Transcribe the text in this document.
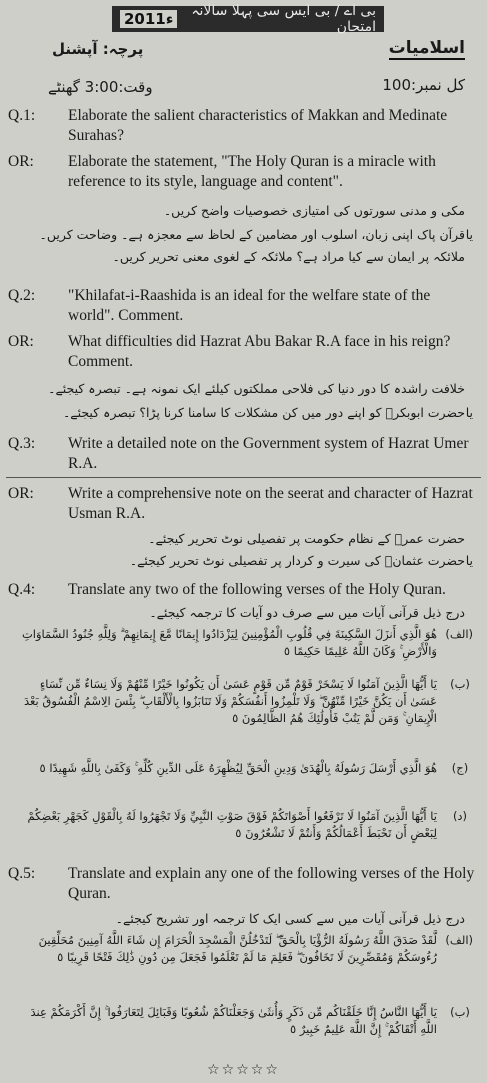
بی اے / بی ایس سی پہلا سالانہ امتحان
2011ء
اسلامیات
پرچہ: آپشنل
کل نمبر:100
وقت:3:00 گھنٹے
Q.1:	Elaborate the salient characteristics of Makkan and Medinate Surahas?
OR:	Elaborate the statement, "The Holy Quran is a miracle with reference to its style, language and content".
مکی و مدنی سورتوں کی امتیازی خصوصیات واضح کریں۔
یا
قرآن پاک اپنی زبان، اسلوب اور مضامین کے لحاظ سے معجزہ ہے۔ وضاحت کریں۔
ملائکہ پر ایمان سے کیا مراد ہے؟ ملائکہ کے لغوی معنی تحریر کریں۔
Q.2:	"Khilafat-i-Raashida is an ideal for the welfare state of the world". Comment.
OR:	What difficulties did Hazrat Abu Bakar R.A face in his reign? Comment.
خلافت راشدہ کا دور دنیا کی فلاحی مملکتوں کیلئے ایک نمونہ ہے۔ تبصرہ کیجئے۔
یا
حضرت ابوبکرؓ کو اپنے دور میں کن مشکلات کا سامنا کرنا پڑا؟ تبصرہ کیجئے۔
Q.3:	Write a detailed note on the Government system of Hazrat Umer R.A.
OR:	Write a comprehensive note on the seerat and character of Hazrat Usman R.A.
حضرت عمرؓ کے نظام حکومت پر تفصیلی نوٹ تحریر کیجئے۔
یا
حضرت عثمانؓ کی سیرت و کردار پر تفصیلی نوٹ تحریر کیجئے۔
Q.4:	Translate any two of the following verses of the Holy Quran.
درج ذیل قرآنی آیات میں سے صرف دو آیات کا ترجمہ کیجئے۔
(الف)
هُوَ الَّذِي أَنزَلَ السَّكِينَةَ فِي قُلُوبِ الْمُؤْمِنِينَ لِيَزْدَادُوا إِيمَانًا مَّعَ إِيمَانِهِمْ ۗ وَلِلَّهِ جُنُودُ السَّمَاوَاتِ وَالْأَرْضِ ۚ وَكَانَ اللَّهُ عَلِيمًا حَكِيمًا ٥
(ب)
يَا أَيُّهَا الَّذِينَ آمَنُوا لَا يَسْخَرْ قَوْمٌ مِّن قَوْمٍ عَسَىٰ أَن يَكُونُوا خَيْرًا مِّنْهُمْ وَلَا نِسَاءٌ مِّن نِّسَاءٍ عَسَىٰ أَن يَكُنَّ خَيْرًا مِّنْهُنَّ ۖ وَلَا تَلْمِزُوا أَنفُسَكُمْ وَلَا تَنَابَزُوا بِالْأَلْقَابِ ۖ بِئْسَ الِاسْمُ الْفُسُوقُ بَعْدَ الْإِيمَانِ ۚ وَمَن لَّمْ يَتُبْ فَأُولَٰئِكَ هُمُ الظَّالِمُونَ ٥
(ج)
هُوَ الَّذِي أَرْسَلَ رَسُولَهُ بِالْهُدَىٰ وَدِينِ الْحَقِّ لِيُظْهِرَهُ عَلَى الدِّينِ كُلِّهِ ۚ وَكَفَىٰ بِاللَّهِ شَهِيدًا ٥
(د)
يَا أَيُّهَا الَّذِينَ آمَنُوا لَا تَرْفَعُوا أَصْوَاتَكُمْ فَوْقَ صَوْتِ النَّبِيِّ وَلَا تَجْهَرُوا لَهُ بِالْقَوْلِ كَجَهْرِ بَعْضِكُمْ لِبَعْضٍ أَن تَحْبَطَ أَعْمَالُكُمْ وَأَنتُمْ لَا تَشْعُرُونَ ٥
Q.5:	Translate and explain any one of the following verses of the Holy Quran.
درج ذیل قرآنی آیات میں سے کسی ایک کا ترجمہ اور تشریح کیجئے۔
(الف)
لَّقَدْ صَدَقَ اللَّهُ رَسُولَهُ الرُّؤْيَا بِالْحَقِّ ۖ لَتَدْخُلُنَّ الْمَسْجِدَ الْحَرَامَ إِن شَاءَ اللَّهُ آمِنِينَ مُحَلِّقِينَ رُءُوسَكُمْ وَمُقَصِّرِينَ لَا تَخَافُونَ ۖ فَعَلِمَ مَا لَمْ تَعْلَمُوا فَجَعَلَ مِن دُونِ ذَٰلِكَ فَتْحًا قَرِيبًا ٥
(ب)
يَا أَيُّهَا النَّاسُ إِنَّا خَلَقْنَاكُم مِّن ذَكَرٍ وَأُنثَىٰ وَجَعَلْنَاكُمْ شُعُوبًا وَقَبَائِلَ لِتَعَارَفُوا ۚ إِنَّ أَكْرَمَكُمْ عِندَ اللَّهِ أَتْقَاكُمْ ۚ إِنَّ اللَّهَ عَلِيمٌ خَبِيرٌ ٥
☆☆☆☆☆
